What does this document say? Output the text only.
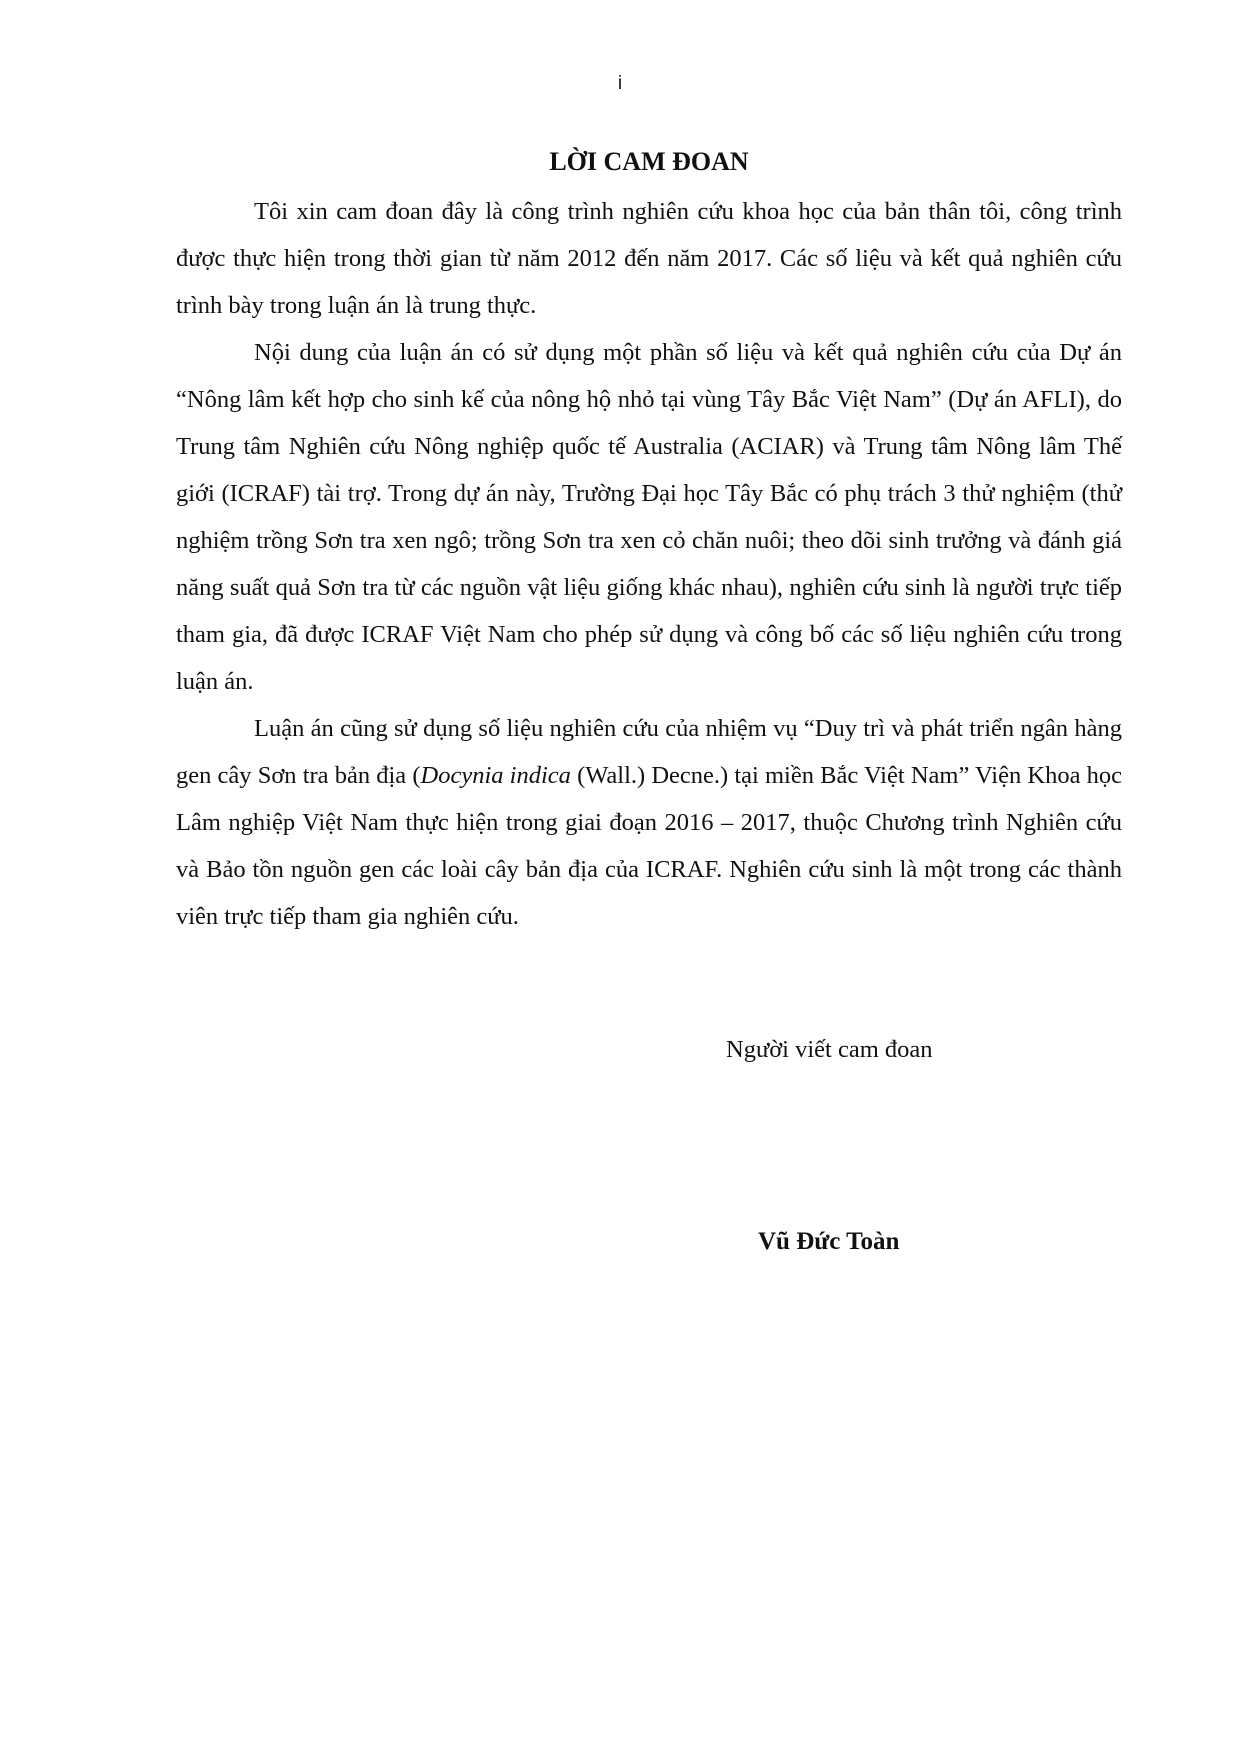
i
LỜI CAM ĐOAN

Tôi xin cam đoan đây là công trình nghiên cứu khoa học của bản thân tôi, công trình được thực hiện trong thời gian từ năm 2012 đến năm 2017. Các số liệu và kết quả nghiên cứu trình bày trong luận án là trung thực.

Nội dung của luận án có sử dụng một phần số liệu và kết quả nghiên cứu của Dự án “Nông lâm kết hợp cho sinh kế của nông hộ nhỏ tại vùng Tây Bắc Việt Nam” (Dự án AFLI), do Trung tâm Nghiên cứu Nông nghiệp quốc tế Australia (ACIAR) và Trung tâm Nông lâm Thế giới (ICRAF) tài trợ. Trong dự án này, Trường Đại học Tây Bắc có phụ trách 3 thử nghiệm (thử nghiệm trồng Sơn tra xen ngô; trồng Sơn tra xen cỏ chăn nuôi; theo dõi sinh trưởng và đánh giá năng suất quả Sơn tra từ các nguồn vật liệu giống khác nhau), nghiên cứu sinh là người trực tiếp tham gia, đã được ICRAF Việt Nam cho phép sử dụng và công bố các số liệu nghiên cứu trong luận án.

Luận án cũng sử dụng số liệu nghiên cứu của nhiệm vụ “Duy trì và phát triển ngân hàng gen cây Sơn tra bản địa (Docynia indica (Wall.) Decne.) tại miền Bắc Việt Nam” Viện Khoa học Lâm nghiệp Việt Nam thực hiện trong giai đoạn 2016 – 2017, thuộc Chương trình Nghiên cứu và Bảo tồn nguồn gen các loài cây bản địa của ICRAF. Nghiên cứu sinh là một trong các thành viên trực tiếp tham gia nghiên cứu.

Người viết cam đoan
Vũ Đức Toàn
